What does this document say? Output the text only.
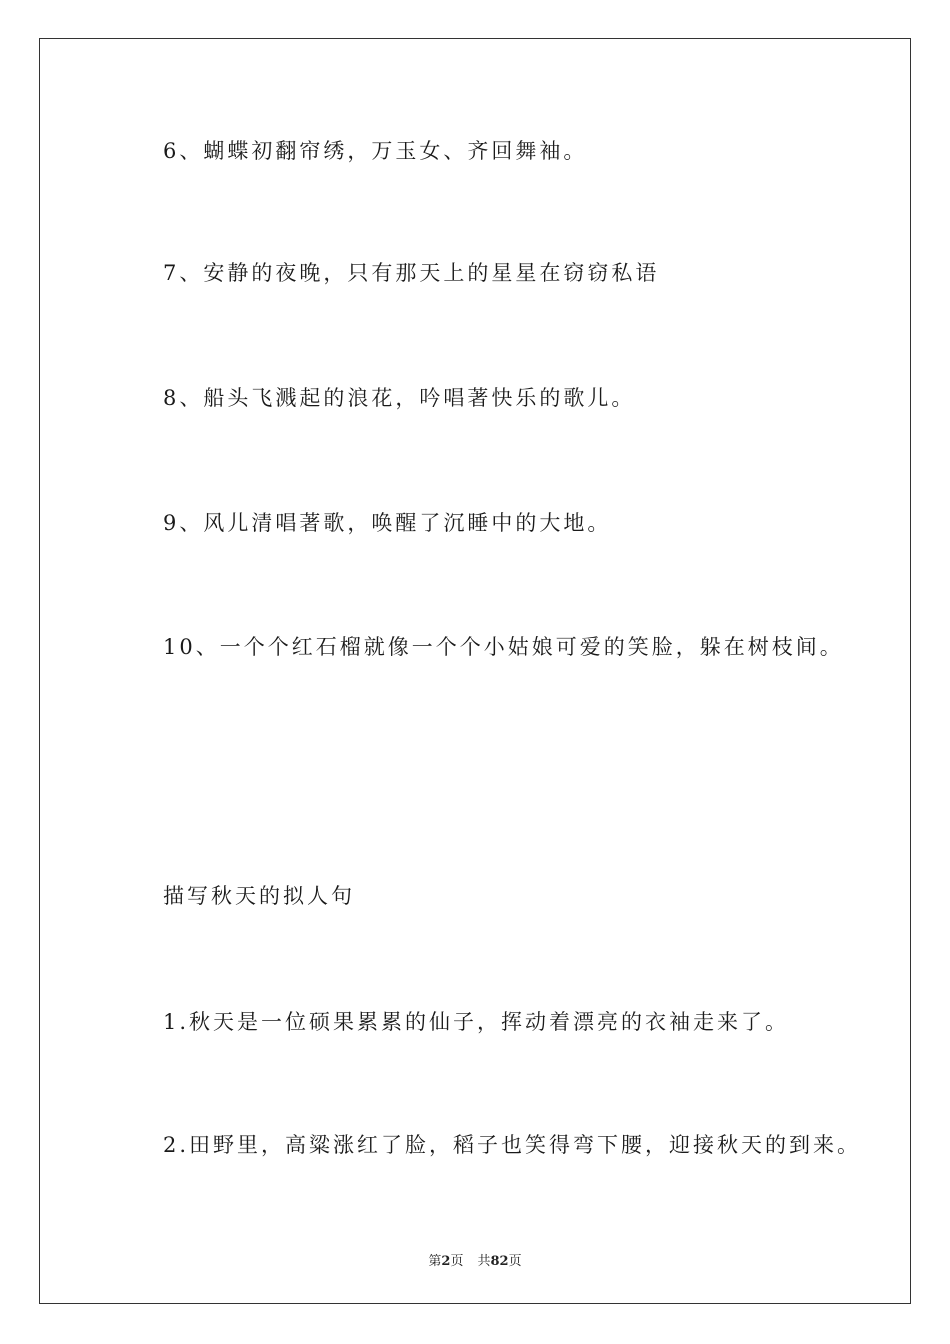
6、蝴蝶初翻帘绣，万玉女、齐回舞袖。
7、安静的夜晚，只有那天上的星星在窃窃私语
8、船头飞溅起的浪花，吟唱著快乐的歌儿。
9、风儿清唱著歌，唤醒了沉睡中的大地。
10、一个个红石榴就像一个个小姑娘可爱的笑脸，躲在树枝间。
描写秋天的拟人句
1.秋天是一位硕果累累的仙子，挥动着漂亮的衣袖走来了。
2.田野里，高粱涨红了脸，稻子也笑得弯下腰，迎接秋天的到来。
第2页 共82页
